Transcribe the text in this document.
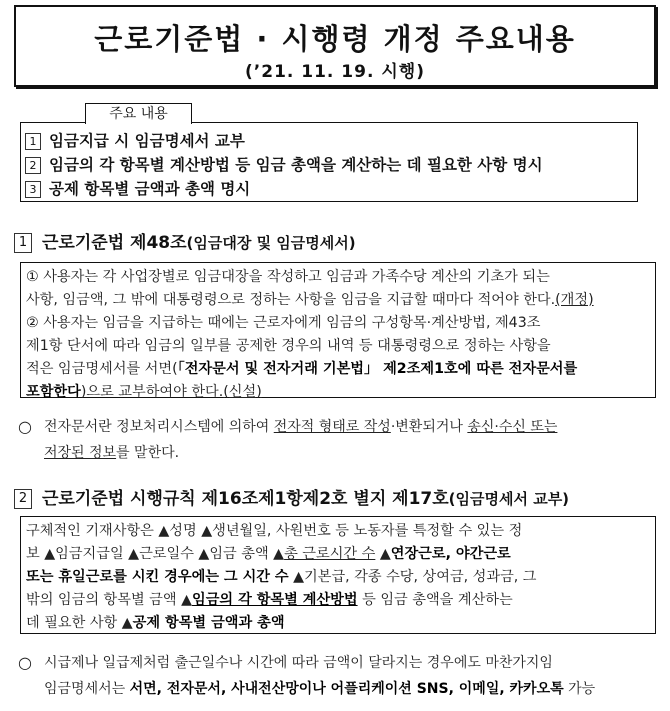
근로기준법 · 시행령 개정 주요내용
(’21. 11. 19. 시행)
주요 내용
1 임금지급 시 임금명세서 교부
2 임금의 각 항목별 계산방법 등 임금 총액을 계산하는 데 필요한 사항 명시
3 공제 항목별 금액과 총액 명시
1 근로기준법 제48조(임금대장 및 임금명세서)
① 사용자는 각 사업장별로 임금대장을 작성하고 임금과 가족수당 계산의 기초가 되는
사항, 임금액, 그 밖에 대통령령으로 정하는 사항을 임금을 지급할 때마다 적어야 한다.(개정)
② 사용자는 임금을 지급하는 때에는 근로자에게 임금의 구성항목·계산방법, 제43조
제1항 단서에 따라 임금의 일부를 공제한 경우의 내역 등 대통령령으로 정하는 사항을
적은 임금명세서를 서면(「전자문서 및 전자거래 기본법」 제2조제1호에 따른 전자문서를
포함한다)으로 교부하여야 한다.(신설)
○ 전자문서란 정보처리시스템에 의하여 전자적 형태로 작성·변환되거나 송신·수신 또는
저장된 정보를 말한다.
2 근로기준법 시행규칙 제16조제1항제2호 별지 제17호(임금명세서 교부)
구체적인 기재사항은 ▲성명 ▲생년월일, 사원번호 등 노동자를 특정할 수 있는 정
보 ▲임금지급일 ▲근로일수 ▲임금 총액 ▲총 근로시간 수 ▲연장근로, 야간근로
또는 휴일근로를 시킨 경우에는 그 시간 수 ▲기본급, 각종 수당, 상여금, 성과금, 그
밖의 임금의 항목별 금액 ▲임금의 각 항목별 계산방법 등 임금 총액을 계산하는
데 필요한 사항 ▲공제 항목별 금액과 총액
○ 시급제나 일급제처럼 출근일수나 시간에 따라 금액이 달라지는 경우에도 마찬가지임
임금명세서는 서면, 전자문서, 사내전산망이나 어플리케이션 SNS, 이메일, 카카오톡 가능
